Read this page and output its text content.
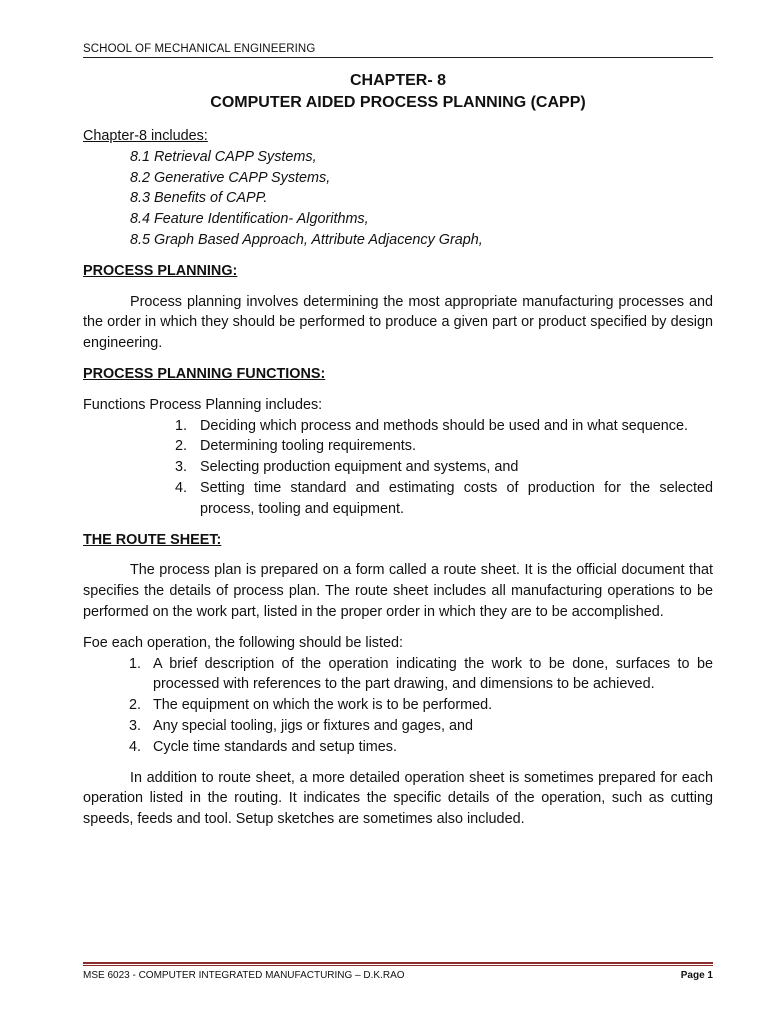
SCHOOL OF MECHANICAL ENGINEERING
CHAPTER- 8
COMPUTER AIDED PROCESS PLANNING (CAPP)
Chapter-8 includes:
8.1 Retrieval CAPP Systems,
8.2 Generative CAPP Systems,
8.3 Benefits of CAPP.
8.4 Feature Identification- Algorithms,
8.5 Graph Based Approach, Attribute Adjacency Graph,
PROCESS PLANNING:
Process planning involves determining the most appropriate manufacturing processes and the order in which they should be performed to produce a given part or product specified by design engineering.
PROCESS PLANNING FUNCTIONS:
Functions Process Planning includes:
1. Deciding which process and methods should be used and in what sequence.
2. Determining tooling requirements.
3. Selecting production equipment and systems, and
4. Setting time standard and estimating costs of production for the selected process, tooling and equipment.
THE ROUTE SHEET:
The process plan is prepared on a form called a route sheet. It is the official document that specifies the details of process plan. The route sheet includes all manufacturing operations to be performed on the work part, listed in the proper order in which they are to be accomplished.
Foe each operation, the following should be listed:
1. A brief description of the operation indicating the work to be done, surfaces to be processed with references to the part drawing, and dimensions to be achieved.
2. The equipment on which the work is to be performed.
3. Any special tooling, jigs or fixtures and gages, and
4. Cycle time standards and setup times.
In addition to route sheet, a more detailed operation sheet is sometimes prepared for each operation listed in the routing. It indicates the specific details of the operation, such as cutting speeds, feeds and tool. Setup sketches are sometimes also included.
MSE 6023 - COMPUTER INTEGRATED MANUFACTURING – D.K.RAO	Page 1
